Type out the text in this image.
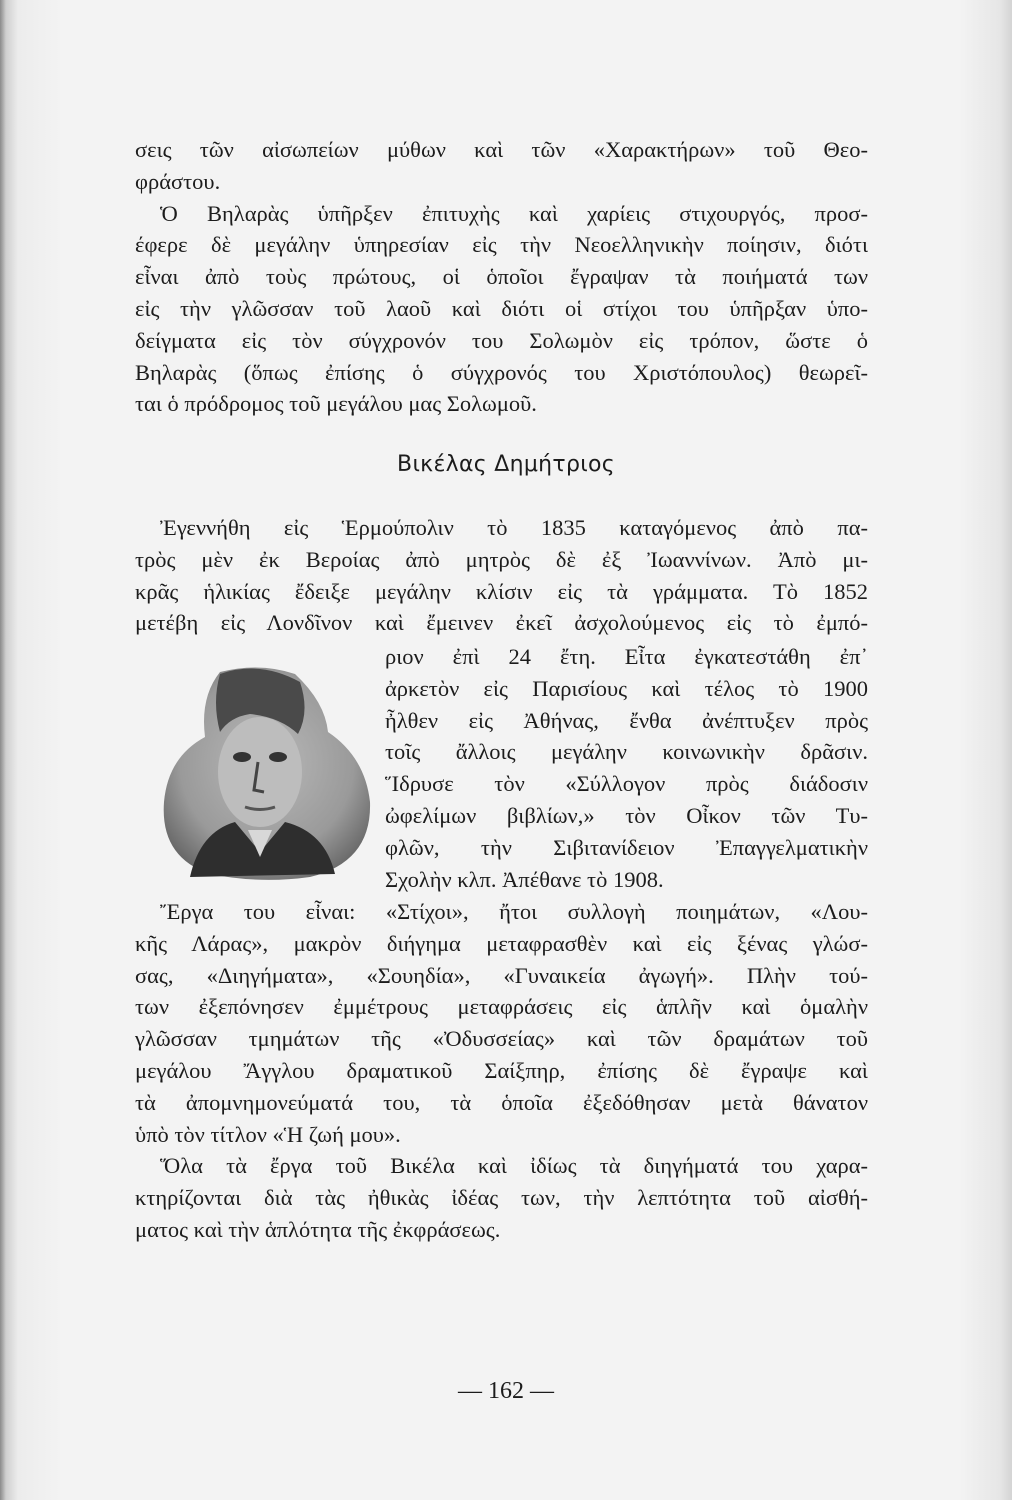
σεις τῶν αἰσωπείων μύθων καὶ τῶν «Χαρακτήρων» τοῦ Θεο-
φράστου.
Ὁ Βηλαρὰς ὑπῆρξεν ἐπιτυχὴς καὶ χαρίεις στιχουργός, προσ-
έφερε δὲ μεγάλην ὑπηρεσίαν εἰς τὴν Νεοελληνικὴν ποίησιν, διότι
εἶναι ἀπὸ τοὺς πρώτους, οἱ ὁποῖοι ἔγραψαν τὰ ποιήματά των
εἰς τὴν γλῶσσαν τοῦ λαοῦ καὶ διότι οἱ στίχοι του ὑπῆρξαν ὑπο-
δείγματα εἰς τὸν σύγχρονόν του Σολωμὸν εἰς τρόπον, ὥστε ὁ
Βηλαρὰς (ὅπως ἐπίσης ὁ σύγχρονός του Χριστόπουλος) θεωρεῖ-
ται ὁ πρόδρομος τοῦ μεγάλου μας Σολωμοῦ.
Βικέλας Δημήτριος
Ἐγεννήθη εἰς Ἑρμούπολιν τὸ 1835 καταγόμενος ἀπὸ πα-
τρὸς μὲν ἐκ Βεροίας ἀπὸ μητρὸς δὲ ἐξ Ἰωαννίνων. Ἀπὸ μι-
κρᾶς ἡλικίας ἔδειξε μεγάλην κλίσιν εἰς τὰ γράμματα. Τὸ 1852
μετέβη εἰς Λονδῖνον καὶ ἔμεινεν ἐκεῖ ἀσχολούμενος εἰς τὸ ἐμπό-
ριον ἐπὶ 24 ἔτη. Εἶτα ἐγκατεστάθη ἐπ᾽
ἀρκετὸν εἰς Παρισίους καὶ τέλος τὸ 1900
ἦλθεν εἰς Ἀθήνας, ἔνθα ἀνέπτυξεν πρὸς
τοῖς ἄλλοις μεγάλην κοινωνικὴν δρᾶσιν.
Ἵδρυσε τὸν «Σύλλογον πρὸς διάδοσιν
ὠφελίμων βιβλίων,» τὸν Οἶκον τῶν Τυ-
φλῶν, τὴν Σιβιτανίδειον Ἐπαγγελματικὴν
Σχολὴν κλπ. Ἀπέθανε τὸ 1908.
Ἔργα του εἶναι: «Στίχοι», ἤτοι συλλογὴ ποιημάτων, «Λου-
κῆς Λάρας», μακρὸν διήγημα μεταφρασθὲν καὶ εἰς ξένας γλώσ-
σας, «Διηγήματα», «Σουηδία», «Γυναικεία ἀγωγή». Πλὴν τού-
των ἐξεπόνησεν ἐμμέτρους μεταφράσεις εἰς ἁπλῆν καὶ ὁμαλὴν
γλῶσσαν τμημάτων τῆς «Ὀδυσσείας» καὶ τῶν δραμάτων τοῦ
μεγάλου Ἄγγλου δραματικοῦ Σαίξπηρ, ἐπίσης δὲ ἔγραψε καὶ
τὰ ἀπομνημονεύματά του, τὰ ὁποῖα ἐξεδόθησαν μετὰ θάνατον
ὑπὸ τὸν τίτλον «Ἡ ζωή μου».
Ὅλα τὰ ἔργα τοῦ Βικέλα καὶ ἰδίως τὰ διηγήματά του χαρα-
κτηρίζονται διὰ τὰς ἠθικὰς ἰδέας των, τὴν λεπτότητα τοῦ αἰσθή-
ματος καὶ τὴν ἁπλότητα τῆς ἐκφράσεως.
— 162 —
